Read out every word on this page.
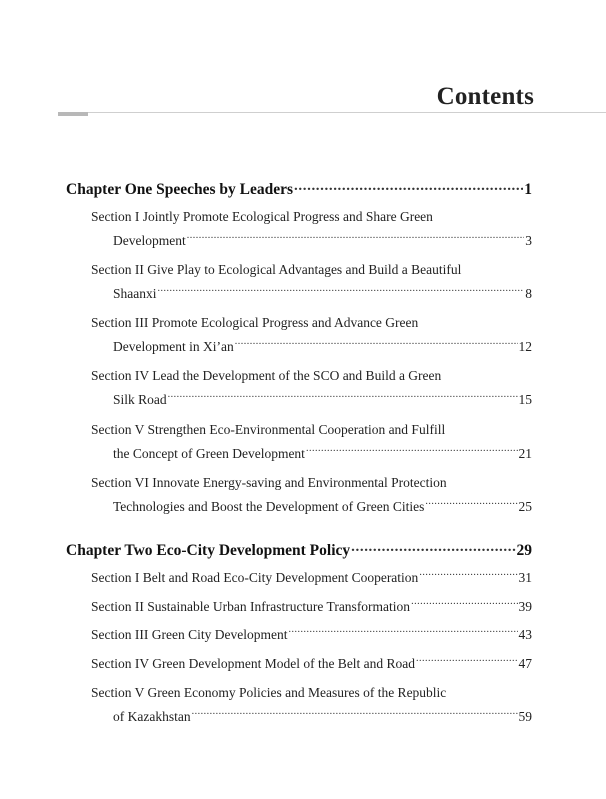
Contents
Chapter One Speeches by Leaders .....	1
Section I Jointly Promote Ecological Progress and Share Green
Development .....	3
Section II Give Play to Ecological Advantages and Build a Beautiful
Shaanxi .....	8
Section III Promote Ecological Progress and Advance Green
Development in Xi’an .....	12
Section IV Lead the Development of the SCO and Build a Green
Silk Road .....	15
Section V Strengthen Eco-Environmental Cooperation and Fulfill
the Concept of Green Development .....	21
Section VI Innovate Energy-saving and Environmental Protection
Technologies and Boost the Development of Green Cities .....	25
Chapter Two Eco-City Development Policy .....	29
Section I Belt and Road Eco-City Development Cooperation .....	31
Section II Sustainable Urban Infrastructure Transformation .....	39
Section III Green City Development .....	43
Section IV Green Development Model of the Belt and Road .....	47
Section V Green Economy Policies and Measures of the Republic
of Kazakhstan .....	59
